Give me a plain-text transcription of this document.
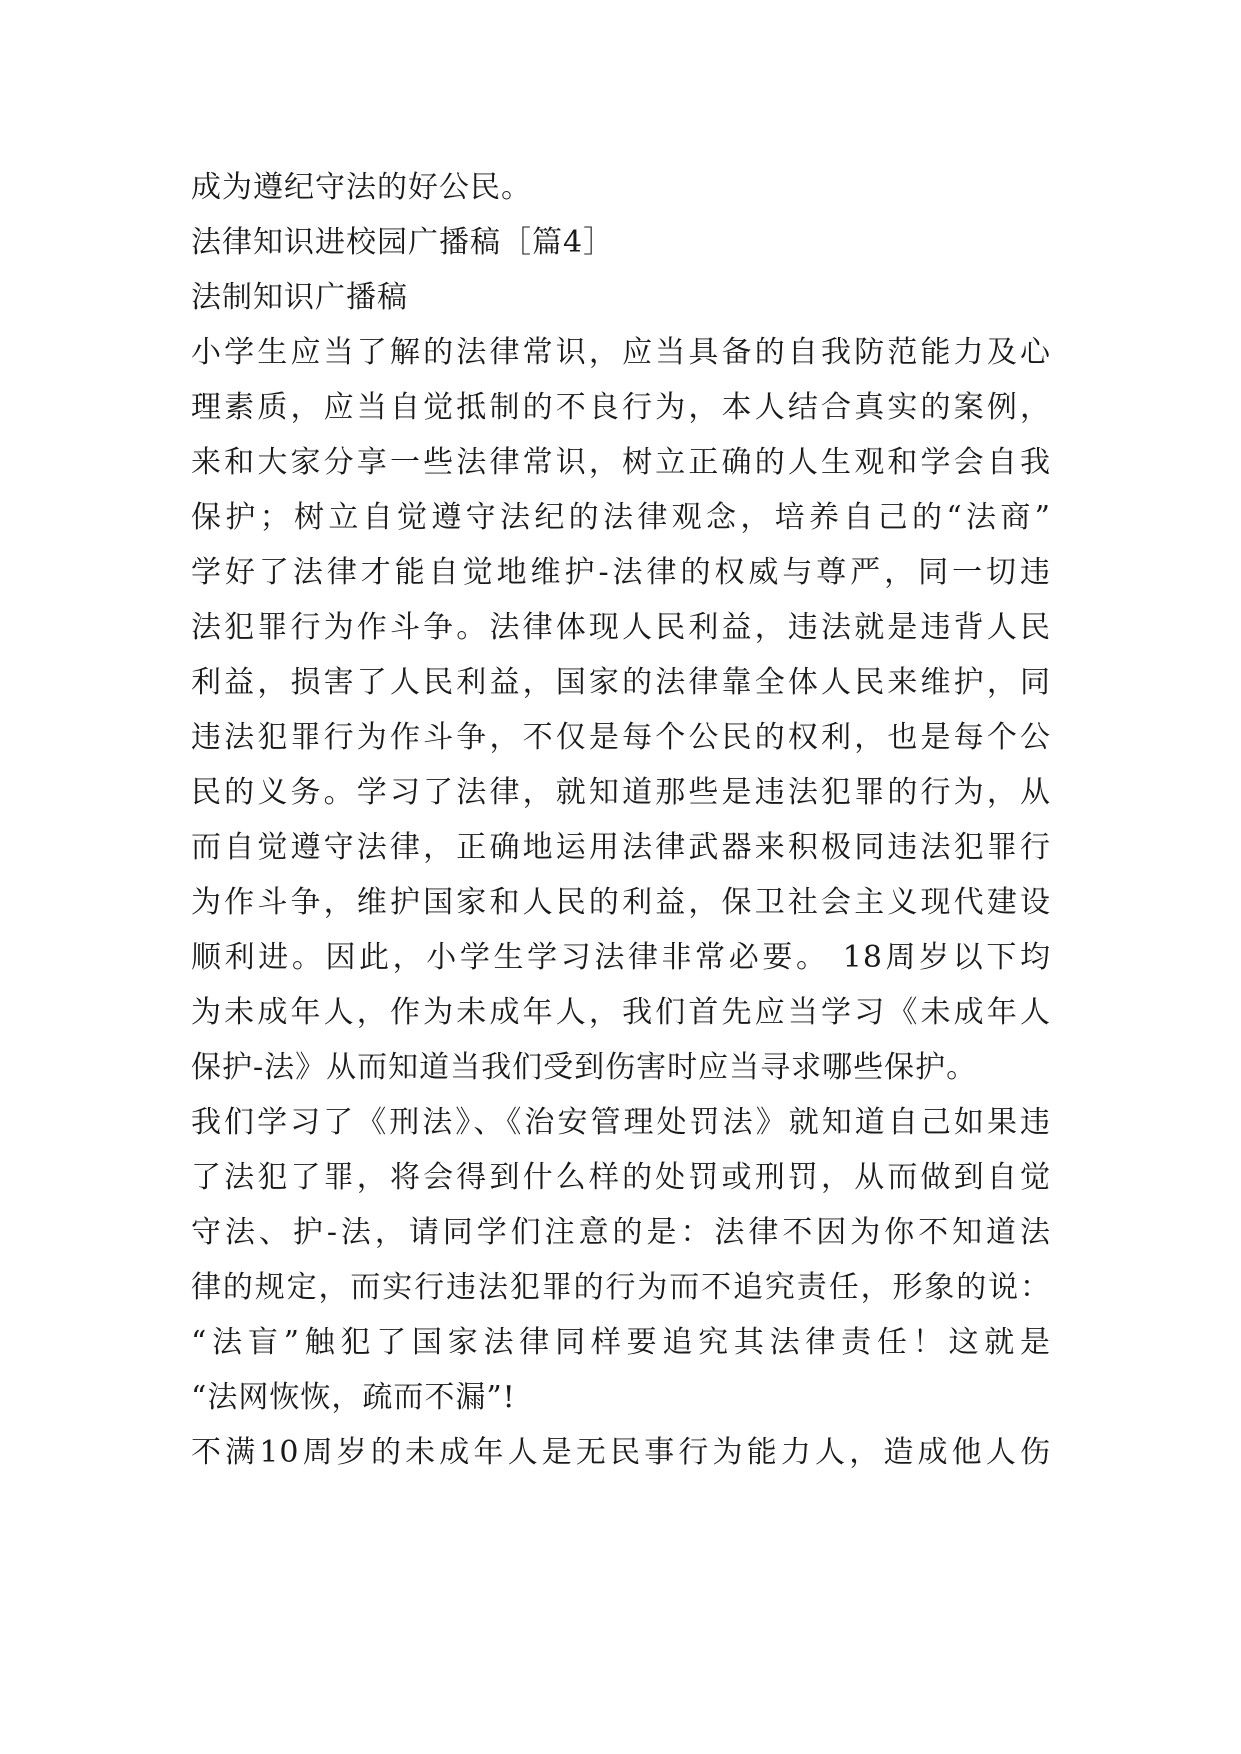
成为遵纪守法的好公民。
法律知识进校园广播稿［篇4］
法制知识广播稿
小学生应当了解的法律常识，应当具备的自我防范能力及心
理素质，应当自觉抵制的不良行为，本人结合真实的案例，
来和大家分享一些法律常识，树立正确的人生观和学会自我
保护；树立自觉遵守法纪的法律观念，培养自己的“法商”
学好了法律才能自觉地维护-法律的权威与尊严，同一切违
法犯罪行为作斗争。法律体现人民利益，违法就是违背人民
利益，损害了人民利益，国家的法律靠全体人民来维护，同
违法犯罪行为作斗争，不仅是每个公民的权利，也是每个公
民的义务。学习了法律，就知道那些是违法犯罪的行为，从
而自觉遵守法律，正确地运用法律武器来积极同违法犯罪行
为作斗争，维护国家和人民的利益，保卫社会主义现代建设
顺利进。因此，小学生学习法律非常必要。 18周岁以下均
为未成年人，作为未成年人，我们首先应当学习《未成年人
保护-法》从而知道当我们受到伤害时应当寻求哪些保护。
我们学习了《刑法》、《治安管理处罚法》就知道自己如果违
了法犯了罪，将会得到什么样的处罚或刑罚，从而做到自觉
守法、护-法，请同学们注意的是：法律不因为你不知道法
律的规定，而实行违法犯罪的行为而不追究责任，形象的说：
“法盲”触犯了国家法律同样要追究其法律责任！这就是
“法网恢恢，疏而不漏”!
不满10周岁的未成年人是无民事行为能力人，造成他人伤
